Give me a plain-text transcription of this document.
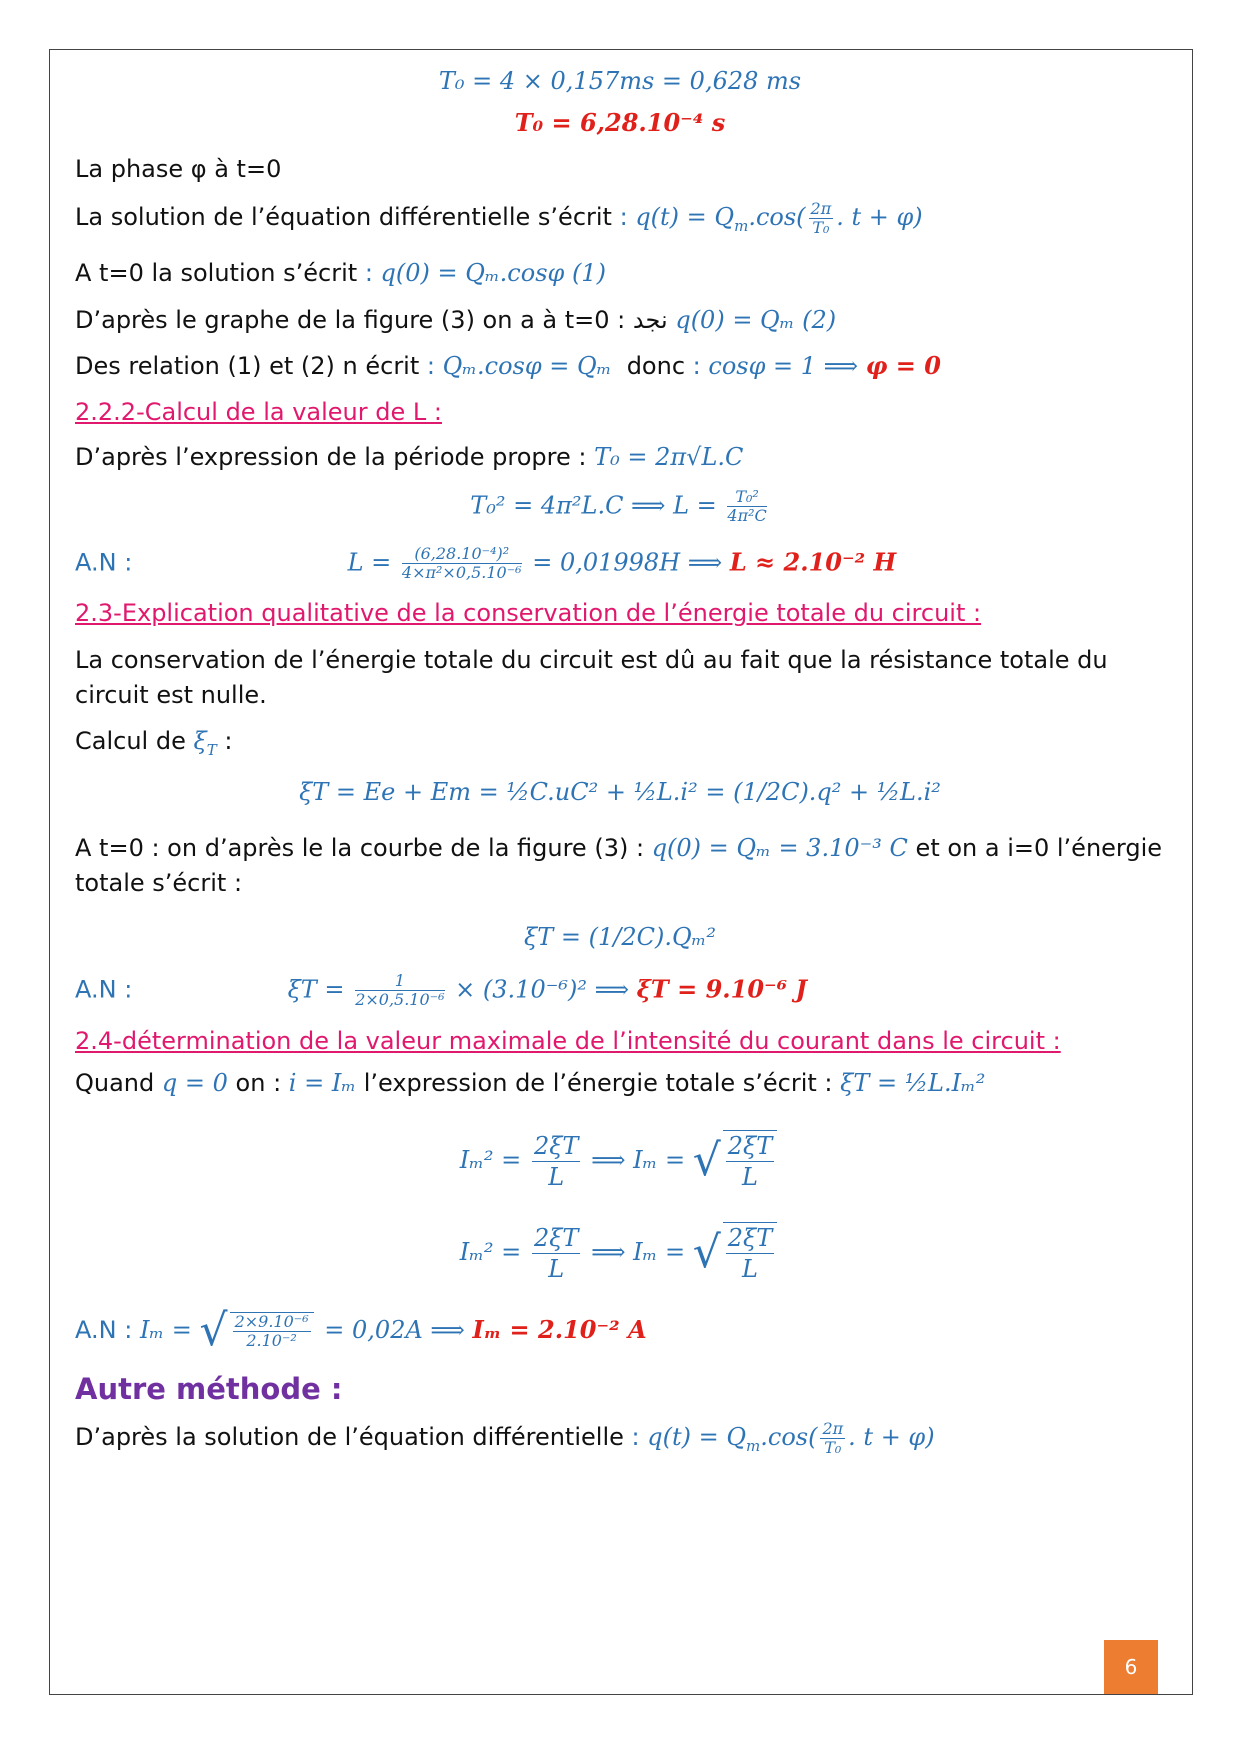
T₀ = 4 × 0,157ms = 0,628 ms
T₀ = 6,28.10⁻⁴ s
La phase φ à t=0
La solution de l’équation différentielle s’écrit : $q(t) = Q_m.\cos( \frac{2\pi}{\text{T₀}}$ . t + φ)
A t=0 la solution s’écrit : q(0) = Qₘ.cosφ (1)
D’après le graphe de la figure (3) on a à t=0 : نجد q(0) = Qₘ (2)
Des relation (1) et (2) n écrit : Qₘ.cosφ = Qₘ donc : cosφ = 1 ⟹ φ = 0
2.2.2-Calcul de la valeur de L :
D’après l’expression de la période propre : T₀ = 2π√L.C
T₀² = 4π²L.C ⟹ $L = \frac{\text{T₀²}}{\text{4π²C}}$
A.N :	$L = \frac{\text{(6,28.10⁻⁴)²}}{\text{4×π²×0,5.10⁻⁶}} = 0,01998H$ ⟹ L ≈ 2.10⁻² H
2.3-Explication qualitative de la conservation de l’énergie totale du circuit :
La conservation de l’énergie totale du circuit est dû au fait que la résistance totale du
circuit est nulle.
Calcul de $\xi_T$ :
ξT = Ee + Em = ½C.uC² + ½L.i² = (1/2C).q² + ½L.i²
A t=0 : on d’après le la courbe de la figure (3) : q(0) = Qₘ = 3.10⁻³ C et on a i=0 l’énergie
totale s’écrit :
ξT = (1/2C).Qₘ²
A.N :	$\xi T = \frac{1}{\text{2×0,5.10⁻⁶}} \times (3.10^{-6})^2$ ⟹ ξT = 9.10⁻⁶ J
2.4-détermination de la valeur maximale de l’intensité du courant dans le circuit :
Quand q = 0 on : i = Iₘ l’expression de l’énergie totale s’écrit : ξT = ½L.Iₘ²
$I_m^2 = \frac{2\xi T}{L}$ ⟹ Iₘ = √ $\frac{2\xi T}{L}$
$I_m^2 = \frac{2\xi T}{L}$ ⟹ Iₘ = √ $\frac{2\xi T}{L}$
A.N : Iₘ = √ $\frac{\text{2×9.10⁻⁶}}{\text{2.10⁻²}} = 0,02A$ ⟹ Iₘ = 2.10⁻² A
Autre méthode :
D’après la solution de l’équation différentielle : $q(t) = Q_m.\cos( \frac{2\pi}{\text{T₀}}$ . t + φ)
6
